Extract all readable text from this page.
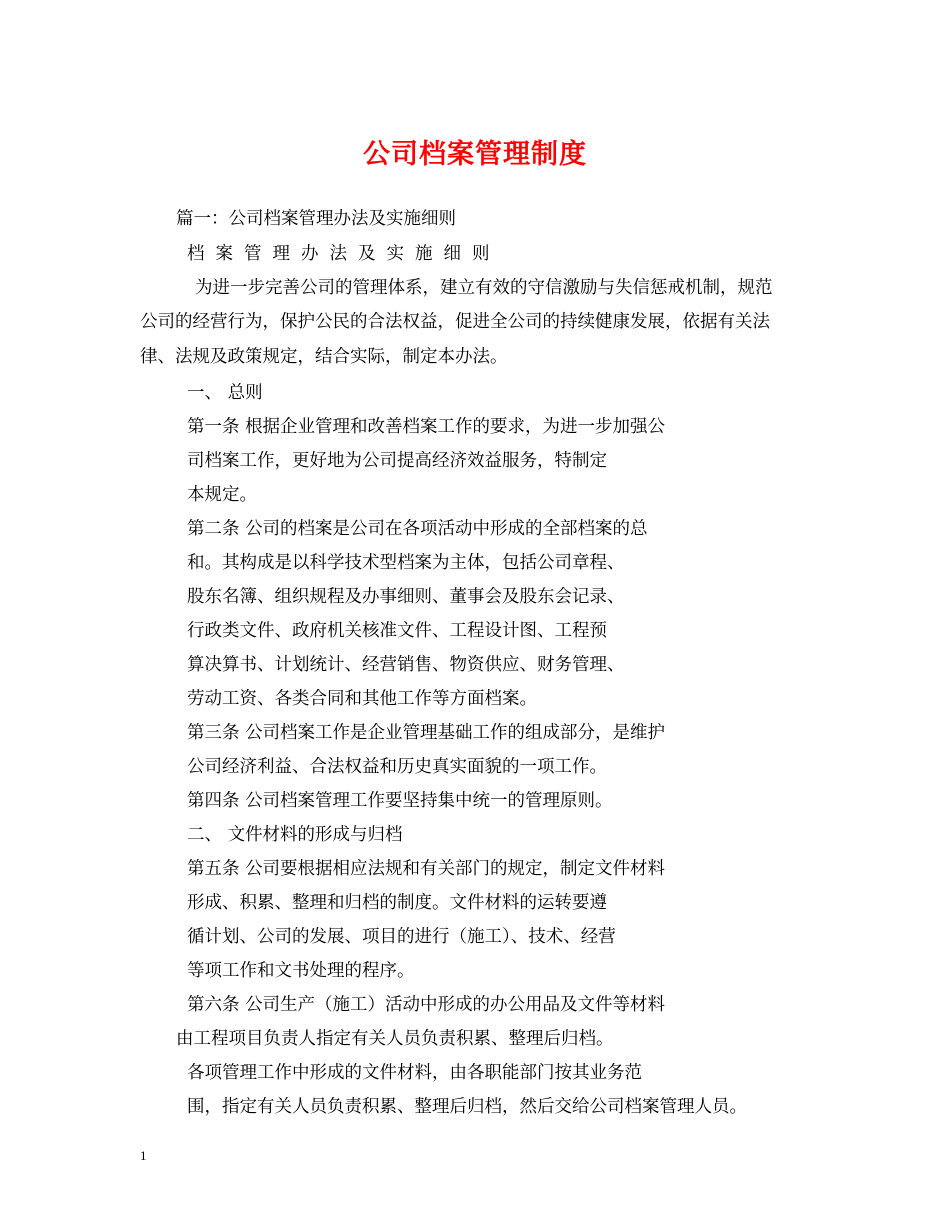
公司档案管理制度
篇一：公司档案管理办法及实施细则
档案管理办法及实施细则
为进一步完善公司的管理体系，建立有效的守信激励与失信惩戒机制，规范
公司的经营行为，保护公民的合法权益，促进全公司的持续健康发展，依据有关法
律、法规及政策规定，结合实际，制定本办法。
一、 总则
第一条 根据企业管理和改善档案工作的要求，为进一步加强公
司档案工作，更好地为公司提高经济效益服务，特制定
本规定。
第二条 公司的档案是公司在各项活动中形成的全部档案的总
和。其构成是以科学技术型档案为主体，包括公司章程、
股东名簿、组织规程及办事细则、董事会及股东会记录、
行政类文件、政府机关核准文件、工程设计图、工程预
算决算书、计划统计、经营销售、物资供应、财务管理、
劳动工资、各类合同和其他工作等方面档案。
第三条 公司档案工作是企业管理基础工作的组成部分，是维护
公司经济利益、合法权益和历史真实面貌的一项工作。
第四条 公司档案管理工作要坚持集中统一的管理原则。
二、 文件材料的形成与归档
第五条 公司要根据相应法规和有关部门的规定，制定文件材料
形成、积累、整理和归档的制度。文件材料的运转要遵
循计划、公司的发展、项目的进行（施工）、技术、经营
等项工作和文书处理的程序。
第六条 公司生产（施工）活动中形成的办公用品及文件等材料
由工程项目负责人指定有关人员负责积累、整理后归档。
各项管理工作中形成的文件材料，由各职能部门按其业务范
围，指定有关人员负责积累、整理后归档，然后交给公司档案管理人员。
1
